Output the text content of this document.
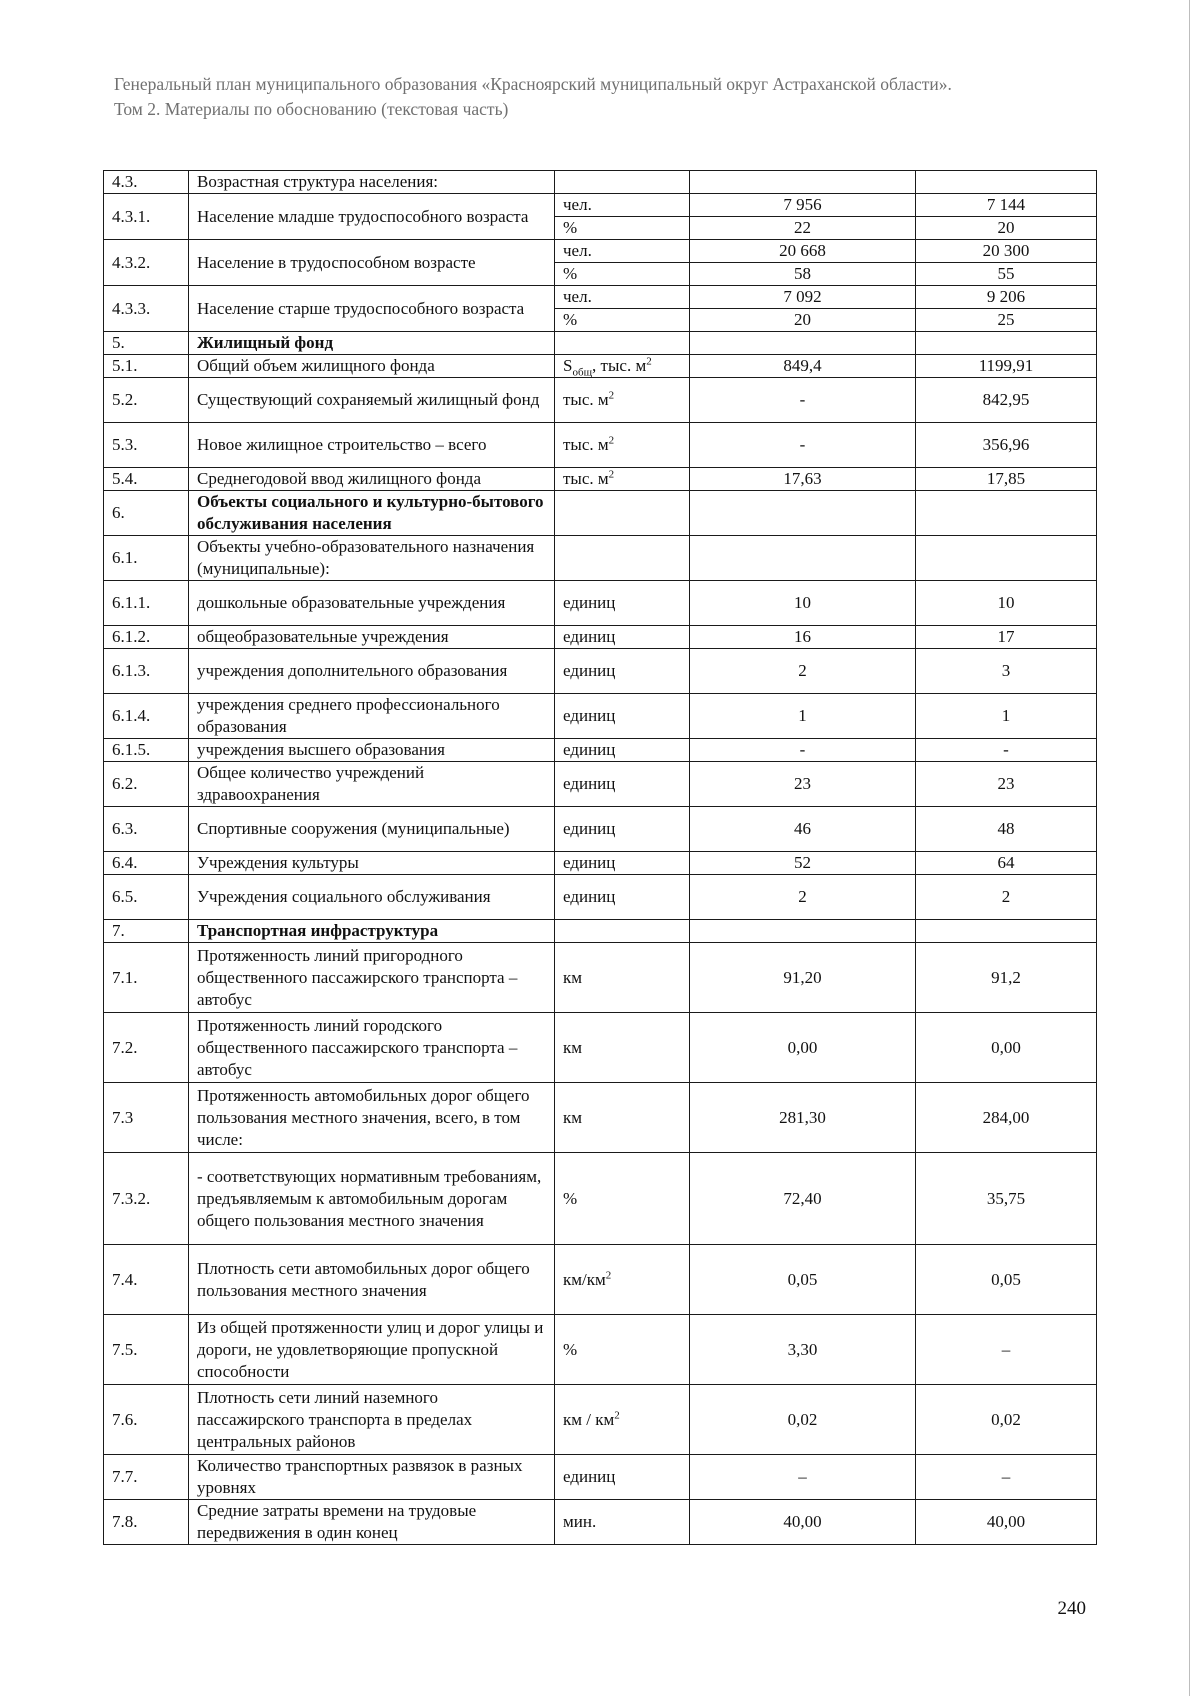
Генеральный план муниципального образования «Красноярский муниципальный округ Астраханской области».
Том 2. Материалы по обоснованию (текстовая часть)
4.3.	Возрастная структура населения:			
4.3.1.	Население младше трудоспособного возраста	чел.	7 956	7 144
		%	22	20
4.3.2.	Население в трудоспособном возрасте	чел.	20 668	20 300
		%	58	55
4.3.3.	Население старше трудоспособного возраста	чел.	7 092	9 206
		%	20	25
5.	Жилищный фонд			
5.1.	Общий объем жилищного фонда	$S_{общ}$, тыс. $м^2$	849,4	1199,91
5.2.	Существующий сохраняемый жилищный фонд	тыс. $м^2$	-	842,95
5.3.	Новое жилищное строительство – всего	тыс. $м^2$	-	356,96
5.4.	Среднегодовой ввод жилищного фонда	тыс. $м^2$	17,63	17,85
6.	Объекты социального и культурно-бытового обслуживания населения			
6.1.	Объекты учебно-образовательного назначения (муниципальные):			
6.1.1.	дошкольные образовательные учреждения	единиц	10	10
6.1.2.	общеобразовательные учреждения	единиц	16	17
6.1.3.	учреждения дополнительного образования	единиц	2	3
6.1.4.	учреждения среднего профессионального образования	единиц	1	1
6.1.5.	учреждения высшего образования	единиц	-	-
6.2.	Общее количество учреждений здравоохранения	единиц	23	23
6.3.	Спортивные сооружения (муниципальные)	единиц	46	48
6.4.	Учреждения культуры	единиц	52	64
6.5.	Учреждения социального обслуживания	единиц	2	2
7.	Транспортная инфраструктура			
7.1.	Протяженность линий пригородного общественного пассажирского транспорта – автобус	км	91,20	91,2
7.2.	Протяженность линий городского общественного пассажирского транспорта – автобус	км	0,00	0,00
7.3	Протяженность автомобильных дорог общего пользования местного значения, всего, в том числе:	км	281,30	284,00
7.3.2.	- соответствующих нормативным требованиям, предъявляемым к автомобильным дорогам общего пользования местного значения	%	72,40	35,75
7.4.	Плотность сети автомобильных дорог общего пользования местного значения	$км/км^2$	0,05	0,05
7.5.	Из общей протяженности улиц и дорог улицы и дороги, не удовлетворяющие пропускной способности	%	3,30	–
7.6.	Плотность сети линий наземного пассажирского транспорта в пределах центральных районов	км / $км^2$	0,02	0,02
7.7.	Количество транспортных развязок в разных уровнях	единиц	–	–
7.8.	Средние затраты времени на трудовые передвижения в один конец	мин.	40,00	40,00
240
